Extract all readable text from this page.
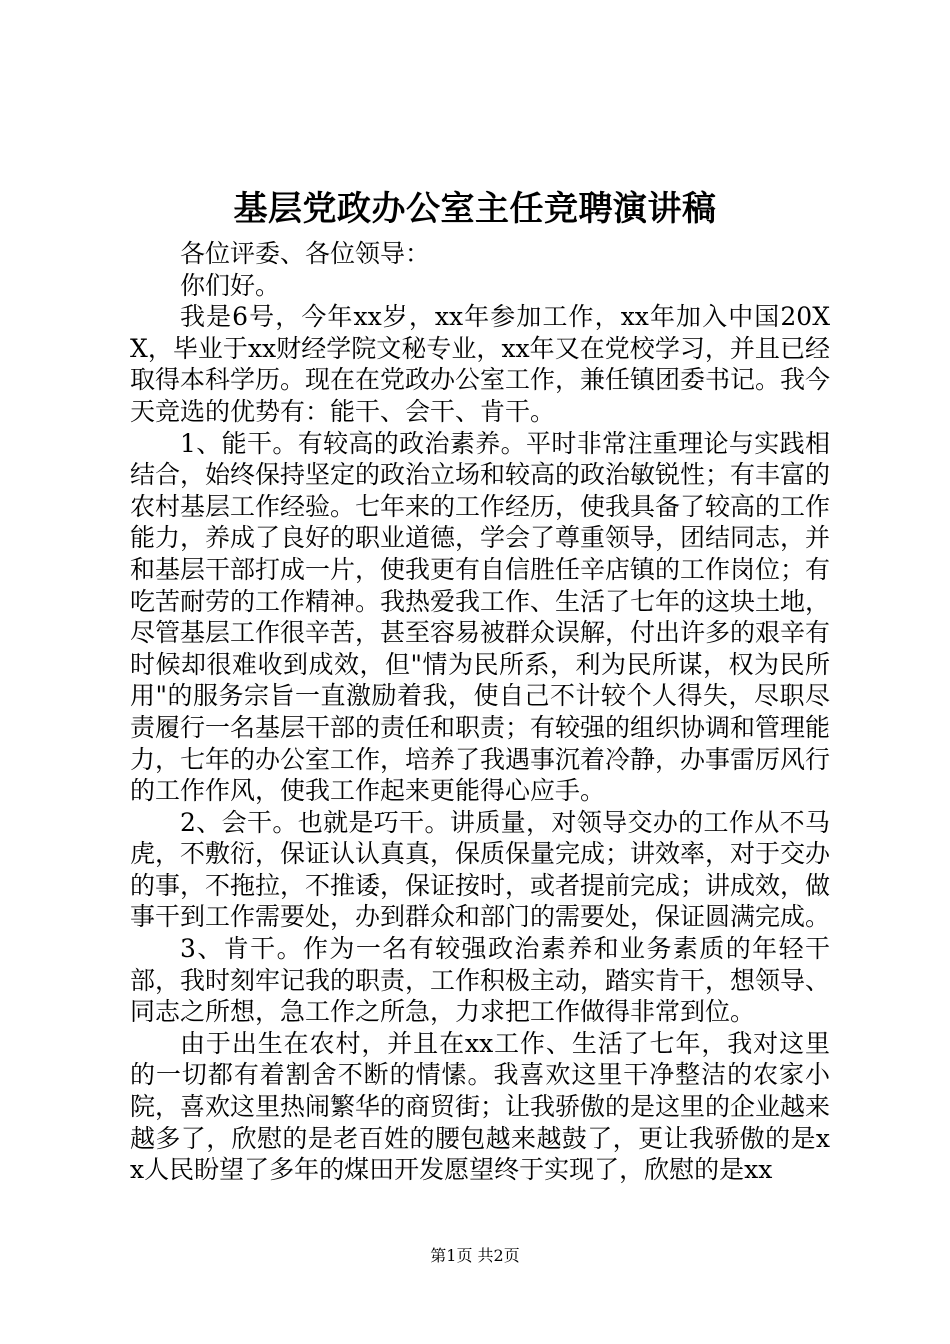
基层党政办公室主任竞聘演讲稿

各位评委、各位领导：

你们好。

我是6号，今年xx岁，xx年参加工作，xx年加入中国20XX，毕业于xx财经学院文秘专业，xx年又在党校学习，并且已经取得本科学历。现在在党政办公室工作，兼任镇团委书记。我今天竞选的优势有：能干、会干、肯干。

1、能干。有较高的政治素养。平时非常注重理论与实践相结合，始终保持坚定的政治立场和较高的政治敏锐性；有丰富的农村基层工作经验。七年来的工作经历，使我具备了较高的工作能力，养成了良好的职业道德，学会了尊重领导，团结同志，并和基层干部打成一片，使我更有自信胜任辛店镇的工作岗位；有吃苦耐劳的工作精神。我热爱我工作、生活了七年的这块土地，尽管基层工作很辛苦，甚至容易被群众误解，付出许多的艰辛有时候却很难收到成效，但"情为民所系，利为民所谋，权为民所用"的服务宗旨一直激励着我，使自己不计较个人得失，尽职尽责履行一名基层干部的责任和职责；有较强的组织协调和管理能力，七年的办公室工作，培养了我遇事沉着冷静，办事雷厉风行的工作作风，使我工作起来更能得心应手。

2、会干。也就是巧干。讲质量，对领导交办的工作从不马虎，不敷衍，保证认认真真，保质保量完成；讲效率，对于交办的事，不拖拉，不推诿，保证按时，或者提前完成；讲成效，做事干到工作需要处，办到群众和部门的需要处，保证圆满完成。

3、肯干。作为一名有较强政治素养和业务素质的年轻干部，我时刻牢记我的职责，工作积极主动，踏实肯干，想领导、同志之所想，急工作之所急，力求把工作做得非常到位。

由于出生在农村，并且在xx工作、生活了七年，我对这里的一切都有着割舍不断的情愫。我喜欢这里干净整洁的农家小院，喜欢这里热闹繁华的商贸街；让我骄傲的是这里的企业越来越多了，欣慰的是老百姓的腰包越来越鼓了，更让我骄傲的是xx人民盼望了多年的煤田开发愿望终于实现了，欣慰的是xx

第1页 共2页
